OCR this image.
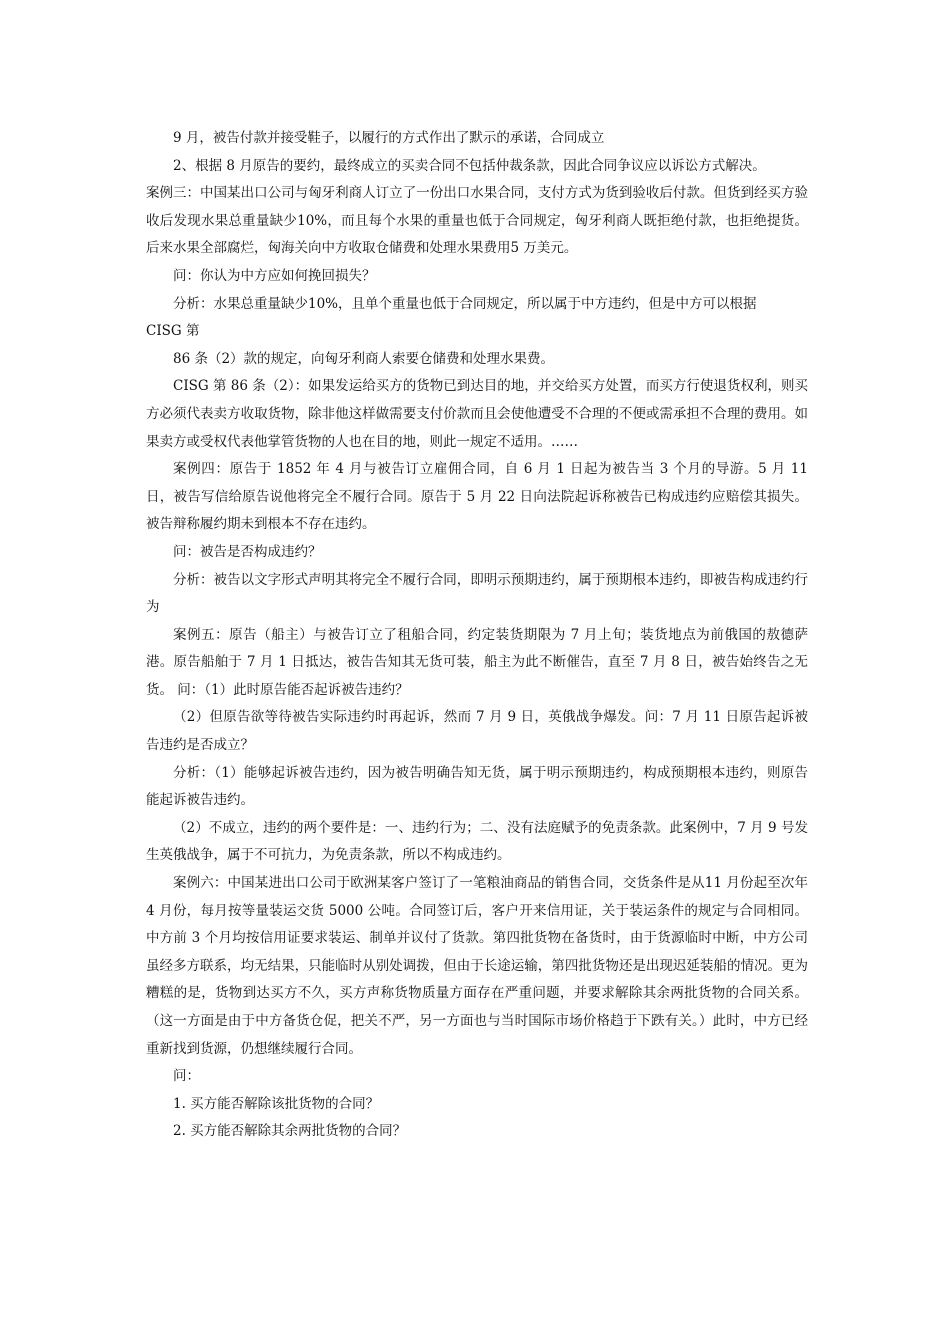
9 月，被告付款并接受鞋子，以履行的方式作出了默示的承诺，合同成立

2、根据 8 月原告的要约，最终成立的买卖合同不包括仲裁条款，因此合同争议应以诉讼方式解决。

案例三：中国某出口公司与匈牙利商人订立了一份出口水果合同，支付方式为货到验收后付款。但货到经买方验收后发现水果总重量缺少10%，而且每个水果的重量也低于合同规定，匈牙利商人既拒绝付款，也拒绝提货。后来水果全部腐烂，匈海关向中方收取仓储费和处理水果费用5 万美元。

问：你认为中方应如何挽回损失？

分析：水果总重量缺少10%，且单个重量也低于合同规定，所以属于中方违约，但是中方可以根据

CISG 第

86 条（2）款的规定，向匈牙利商人索要仓储费和处理水果费。

CISG 第 86 条（2）：如果发运给买方的货物已到达目的地，并交给买方处置，而买方行使退货权利，则买方必须代表卖方收取货物，除非他这样做需要支付价款而且会使他遭受不合理的不便或需承担不合理的费用。如果卖方或受权代表他掌管货物的人也在目的地，则此一规定不适用。……

案例四：原告于 1852 年 4 月与被告订立雇佣合同，自 6 月 1 日起为被告当 3 个月的导游。5 月 11 日，被告写信给原告说他将完全不履行合同。原告于 5 月 22 日向法院起诉称被告已构成违约应赔偿其损失。被告辩称履约期未到根本不存在违约。

问：被告是否构成违约？

分析：被告以文字形式声明其将完全不履行合同，即明示预期违约，属于预期根本违约，即被告构成违约行为

案例五：原告（船主）与被告订立了租船合同，约定装货期限为 7 月上旬；装货地点为前俄国的敖德萨港。原告船舶于 7 月 1 日抵达，被告告知其无货可装，船主为此不断催告，直至 7 月 8 日，被告始终告之无货。 问：（1）此时原告能否起诉被告违约？

（2）但原告欲等待被告实际违约时再起诉，然而 7 月 9 日，英俄战争爆发。问：7 月 11 日原告起诉被告违约是否成立？

分析：（1）能够起诉被告违约，因为被告明确告知无货，属于明示预期违约，构成预期根本违约，则原告能起诉被告违约。

（2）不成立，违约的两个要件是：一、违约行为；二、没有法庭赋予的免责条款。此案例中，7 月 9 号发生英俄战争，属于不可抗力，为免责条款，所以不构成违约。

案例六：中国某进出口公司于欧洲某客户签订了一笔粮油商品的销售合同，交货条件是从11 月份起至次年 4 月份，每月按等量装运交货 5000 公吨。合同签订后，客户开来信用证，关于装运条件的规定与合同相同。中方前 3 个月均按信用证要求装运、制单并议付了货款。第四批货物在备货时，由于货源临时中断，中方公司虽经多方联系，均无结果，只能临时从别处调拨，但由于长途运输，第四批货物还是出现迟延装船的情况。更为糟糕的是，货物到达买方不久，买方声称货物质量方面存在严重问题，并要求解除其余两批货物的合同关系。 （这一方面是由于中方备货仓促，把关不严，另一方面也与当时国际市场价格趋于下跌有关。）此时，中方已经重新找到货源，仍想继续履行合同。

问：

1. 买方能否解除该批货物的合同？

2. 买方能否解除其余两批货物的合同？
